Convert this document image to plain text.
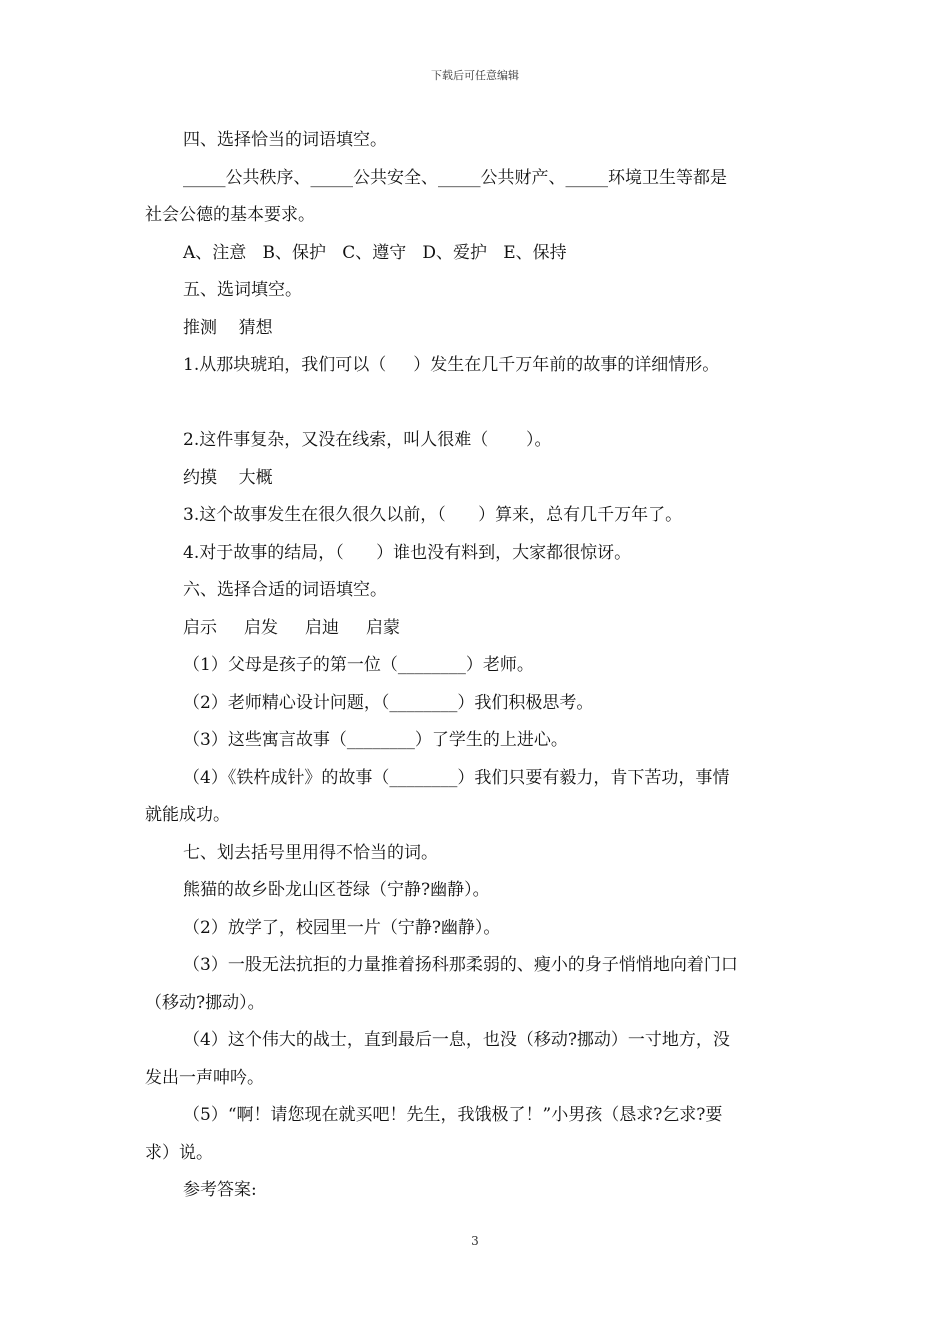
下载后可任意编辑
四、选择恰当的词语填空。
_____公共秩序、_____公共安全、_____公共财产、_____环境卫生等都是
社会公德的基本要求。
A、注意   B、保护   C、遵守   D、爱护   E、保持
五、选词填空。
推测    猜想
1.从那块琥珀，我们可以（     ）发生在几千万年前的故事的详细情形。
2.这件事复杂，又没在线索，叫人很难（       ）。
约摸    大概
3.这个故事发生在很久很久以前，（      ）算来，总有几千万年了。
4.对于故事的结局，（      ）谁也没有料到，大家都很惊讶。
六、选择合适的词语填空。
启示     启发     启迪     启蒙
（1）父母是孩子的第一位（________）老师。
（2）老师精心设计问题，（________）我们积极思考。
（3）这些寓言故事（________）了学生的上进心。
（4）《铁杵成针》的故事（________）我们只要有毅力，肯下苦功，事情
就能成功。
七、划去括号里用得不恰当的词。
熊猫的故乡卧龙山区苍绿（宁静?幽静）。
（2）放学了，校园里一片（宁静?幽静）。
（3）一股无法抗拒的力量推着扬科那柔弱的、瘦小的身子悄悄地向着门口
（移动?挪动）。
（4）这个伟大的战士，直到最后一息，也没（移动?挪动）一寸地方，没
发出一声呻吟。
（5）“啊！请您现在就买吧！先生，我饿极了！”小男孩（恳求?乞求?要
求）说。
参考答案:
3
